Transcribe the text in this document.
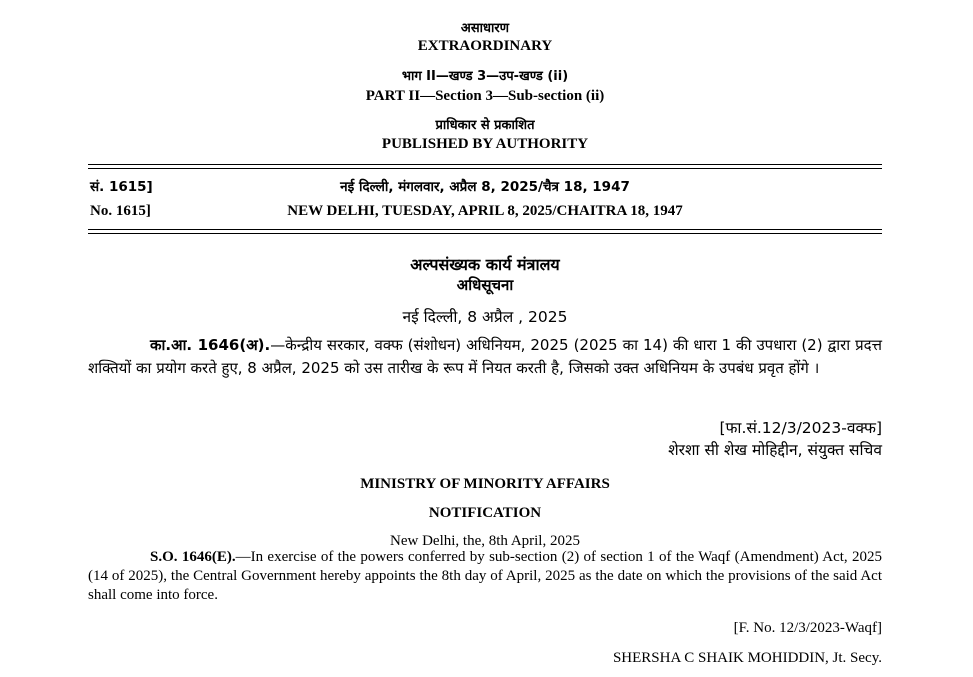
असाधारण
EXTRAORDINARY
भाग II—खण्ड 3—उप-खण्ड (ii)
PART II—Section 3—Sub-section (ii)
प्राधिकार से प्रकाशित
PUBLISHED BY AUTHORITY
सं. 1615]	नई दिल्ली, मंगलवार, अप्रैल 8, 2025/चैत्र 18, 1947
No. 1615]	NEW DELHI, TUESDAY, APRIL 8, 2025/CHAITRA 18, 1947
अल्पसंख्यक कार्य मंत्रालय
अधिसूचना
नई दिल्ली, 8 अप्रैल , 2025
का.आ. 1646(अ).—केन्द्रीय सरकार, वक्फ (संशोधन) अधिनियम, 2025 (2025 का 14) की धारा 1 की उपधारा (2) द्वारा प्रदत्त शक्तियों का प्रयोग करते हुए, 8 अप्रैल, 2025 को उस तारीख के रूप में नियत करती है, जिसको उक्त अधिनियम के उपबंध प्रवृत होंगे ।
[फा.सं.12/3/2023-वक्फ]
शेरशा सी शेख मोहिद्दीन, संयुक्त सचिव
MINISTRY OF MINORITY AFFAIRS
NOTIFICATION
New Delhi, the, 8th April, 2025
S.O. 1646(E).—In exercise of the powers conferred by sub-section (2) of section 1 of the Waqf (Amendment) Act, 2025 (14 of 2025), the Central Government hereby appoints the 8th day of April, 2025 as the date on which the provisions of the said Act shall come into force.
[F. No. 12/3/2023-Waqf]
SHERSHA C SHAIK MOHIDDIN, Jt. Secy.
